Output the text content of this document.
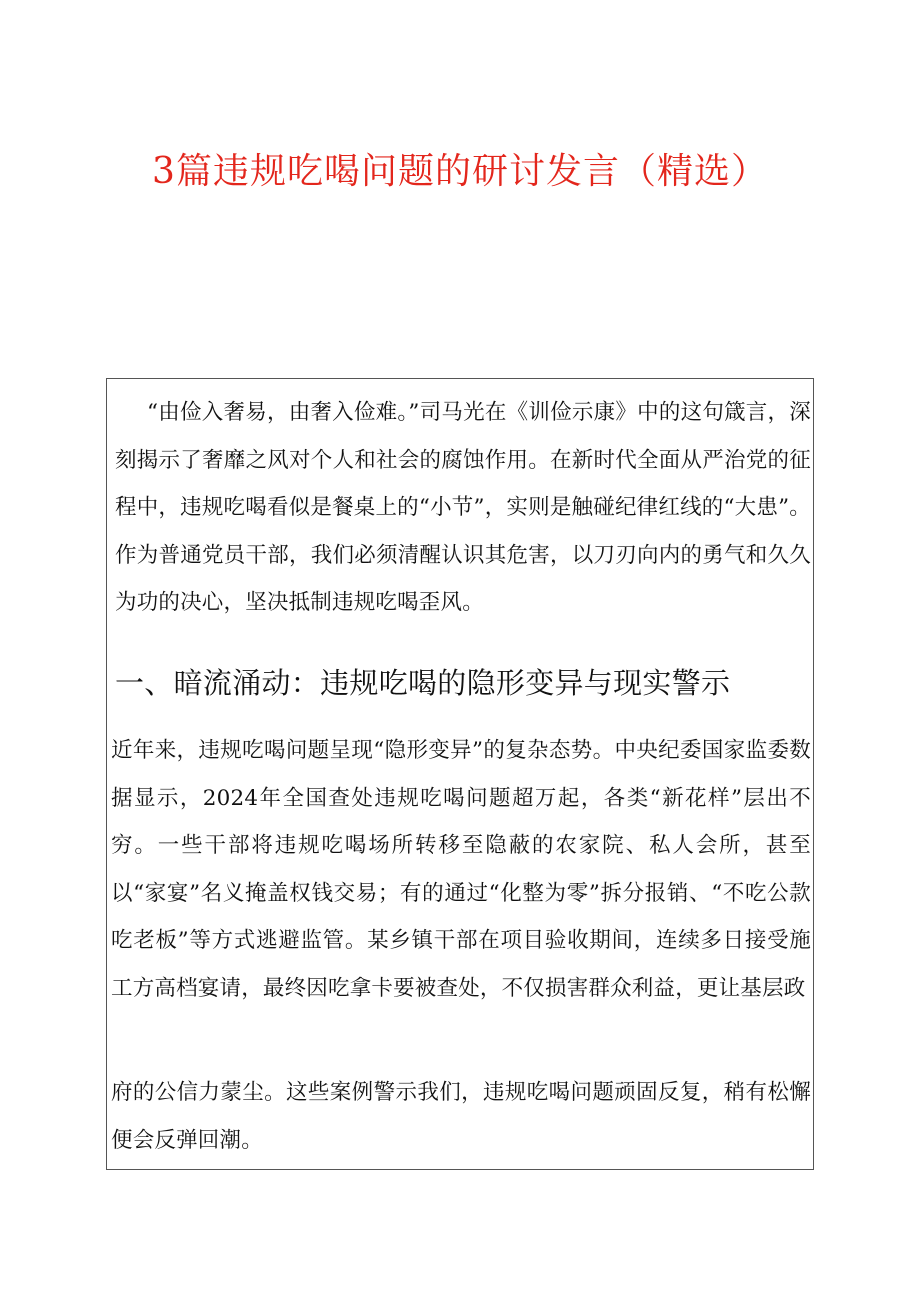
3篇违规吃喝问题的研讨发言（精选）

“由俭入奢易，由奢入俭难。”司马光在《训俭示康》中的这句箴言，深刻揭示了奢靡之风对个人和社会的腐蚀作用。在新时代全面从严治党的征程中，违规吃喝看似是餐桌上的“小节”，实则是触碰纪律红线的“大患”。作为普通党员干部，我们必须清醒认识其危害，以刀刃向内的勇气和久久为功的决心，坚决抵制违规吃喝歪风。

一、暗流涌动：违规吃喝的隐形变异与现实警示

近年来，违规吃喝问题呈现“隐形变异”的复杂态势。中央纪委国家监委数据显示，2024年全国查处违规吃喝问题超万起，各类“新花样”层出不穷。一些干部将违规吃喝场所转移至隐蔽的农家院、私人会所，甚至以“家宴”名义掩盖权钱交易；有的通过“化整为零”拆分报销、“不吃公款吃老板”等方式逃避监管。某乡镇干部在项目验收期间，连续多日接受施工方高档宴请，最终因吃拿卡要被查处，不仅损害群众利益，更让基层政

府的公信力蒙尘。这些案例警示我们，违规吃喝问题顽固反复，稍有松懈便会反弹回潮。
